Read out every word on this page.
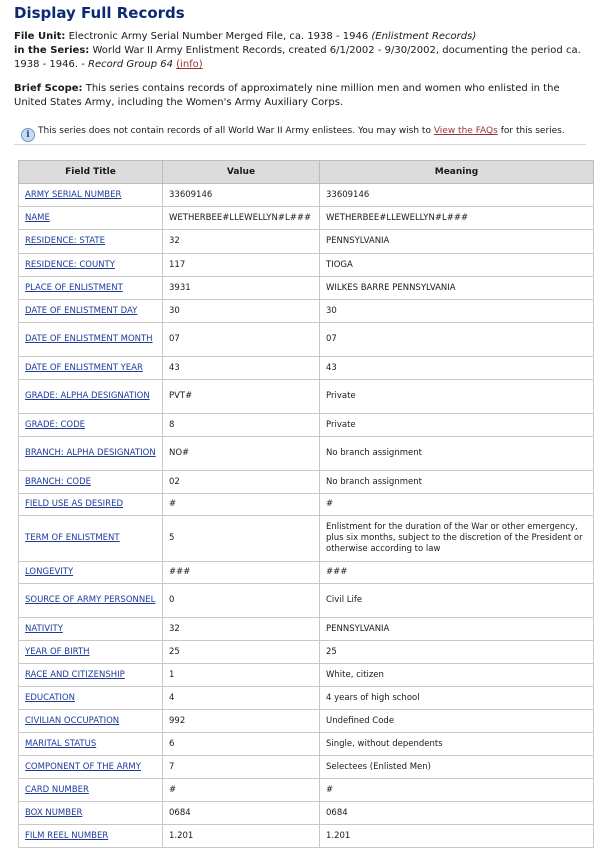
Display Full Records
File Unit: Electronic Army Serial Number Merged File, ca. 1938 - 1946 (Enlistment Records)
in the Series: World War II Army Enlistment Records, created 6/1/2002 - 9/30/2002, documenting the period ca. 1938 - 1946. - Record Group 64 (info)
Brief Scope: This series contains records of approximately nine million men and women who enlisted in the United States Army, including the Women's Army Auxiliary Corps.
i This series does not contain records of all World War II Army enlistees. You may wish to View the FAQs for this series.
Field Title	Value	Meaning
ARMY SERIAL NUMBER	33609146	33609146
NAME	WETHERBEE#LLEWELLYN#L###	WETHERBEE#LLEWELLYN#L###
RESIDENCE: STATE	32	PENNSYLVANIA
RESIDENCE: COUNTY	117	TIOGA
PLACE OF ENLISTMENT	3931	WILKES BARRE PENNSYLVANIA
DATE OF ENLISTMENT DAY	30	30
DATE OF ENLISTMENT MONTH	07	07
DATE OF ENLISTMENT YEAR	43	43
GRADE: ALPHA DESIGNATION	PVT#	Private
GRADE: CODE	8	Private
BRANCH: ALPHA DESIGNATION	NO#	No branch assignment
BRANCH: CODE	02	No branch assignment
FIELD USE AS DESIRED	#	#
TERM OF ENLISTMENT	5	Enlistment for the duration of the War or other emergency, plus six months, subject to the discretion of the President or otherwise according to law
LONGEVITY	###	###
SOURCE OF ARMY PERSONNEL	0	Civil Life
NATIVITY	32	PENNSYLVANIA
YEAR OF BIRTH	25	25
RACE AND CITIZENSHIP	1	White, citizen
EDUCATION	4	4 years of high school
CIVILIAN OCCUPATION	992	Undefined Code
MARITAL STATUS	6	Single, without dependents
COMPONENT OF THE ARMY	7	Selectees (Enlisted Men)
CARD NUMBER	#	#
BOX NUMBER	0684	0684
FILM REEL NUMBER	1.201	1.201
